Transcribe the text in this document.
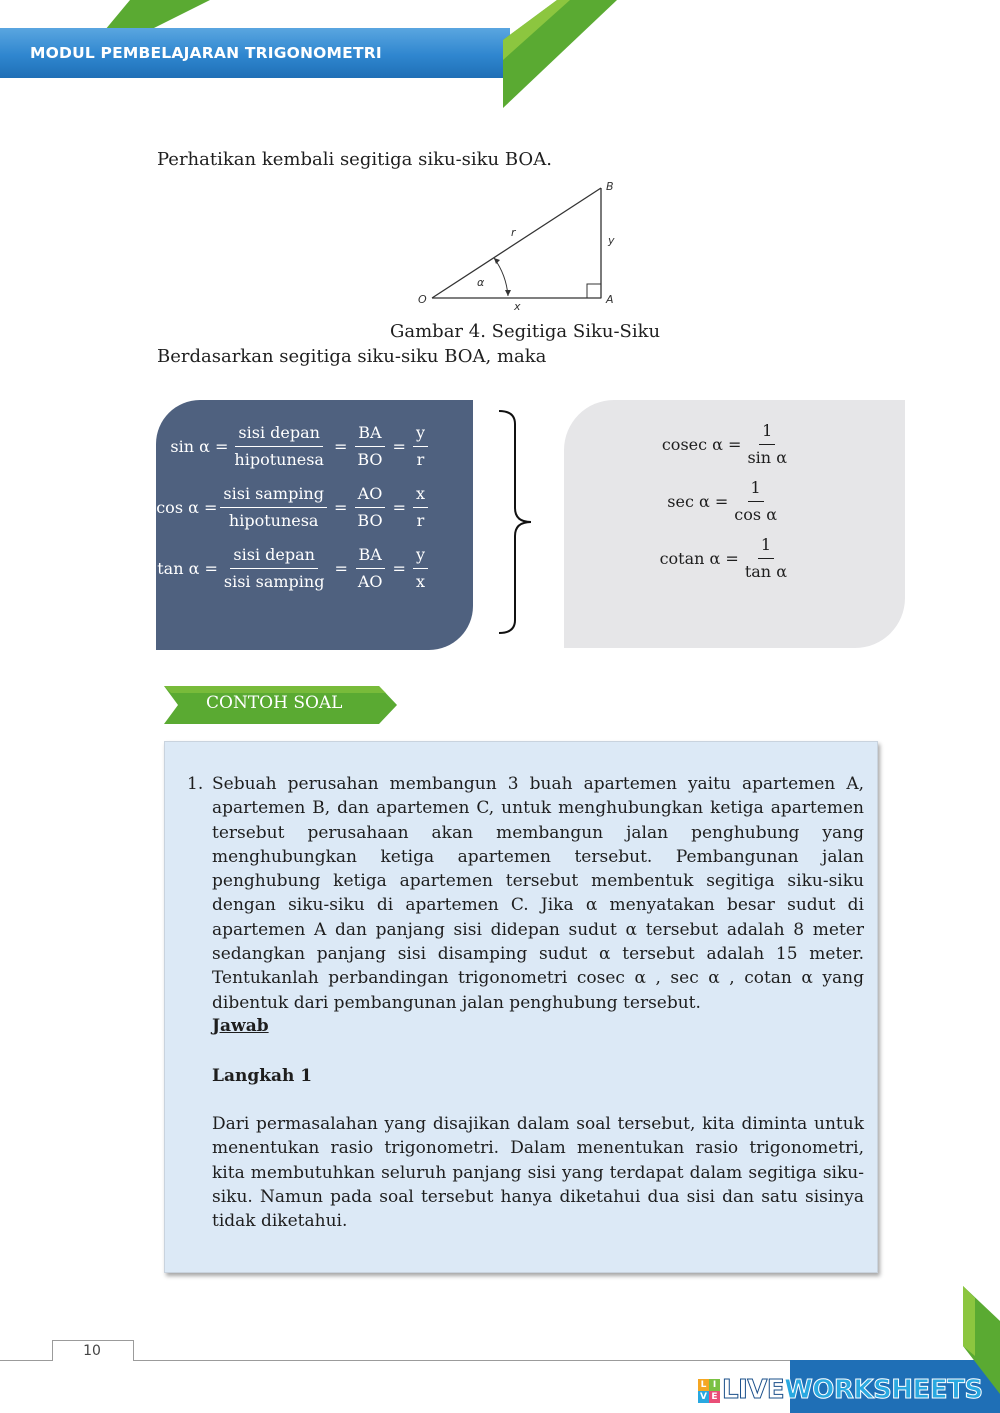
MODUL PEMBELAJARAN TRIGONOMETRI
Perhatikan kembali segitiga siku-siku BOA.
B
O	A
r
x
y
α
Gambar 4. Segitiga Siku-Siku
Berdasarkan segitiga siku-siku BOA, maka
$\sin \alpha = \frac{\text{sisi depan}}{\text{hipotunesa}} = \frac{BA}{BO} = \frac{y}{r}$
$\cos \alpha = \frac{\text{sisi samping}}{\text{hipotunesa}} = \frac{AO}{BO} = \frac{x}{r}$
$\tan \alpha = \frac{\text{sisi depan}}{\text{sisi samping}} = \frac{BA}{AO} = \frac{y}{x}$
cosec $\alpha = \frac{1}{\text{sin α}}$
$\sec \alpha = \frac{1}{\text{cos α}}$
cotan $\alpha = \frac{1}{\text{tan α}}$
CONTOH SOAL
1. Sebuah perusahan membangun 3 buah apartemen yaitu apartemen A, apartemen B, dan apartemen C, untuk menghubungkan ketiga apartemen tersebut perusahaan akan membangun jalan penghubung yang menghubungkan ketiga apartemen tersebut. Pembangunan jalan penghubung ketiga apartemen tersebut membentuk segitiga siku-siku dengan siku-siku di apartemen C. Jika α menyatakan besar sudut di apartemen A dan panjang sisi didepan sudut α tersebut adalah 8 meter sedangkan panjang sisi disamping sudut α tersebut adalah 15 meter. Tentukanlah perbandingan trigonometri cosec α , sec α , cotan α yang dibentuk dari pembangunan jalan penghubung tersebut.
Jawab
Langkah 1
Dari permasalahan yang disajikan dalam soal tersebut, kita diminta untuk menentukan rasio trigonometri. Dalam menentukan rasio trigonometri, kita membutuhkan seluruh panjang sisi yang terdapat dalam segitiga siku-siku. Namun pada soal tersebut hanya diketahui dua sisi dan satu sisinya tidak diketahui.
10
L I
V E LIVEWORKSHEETS
